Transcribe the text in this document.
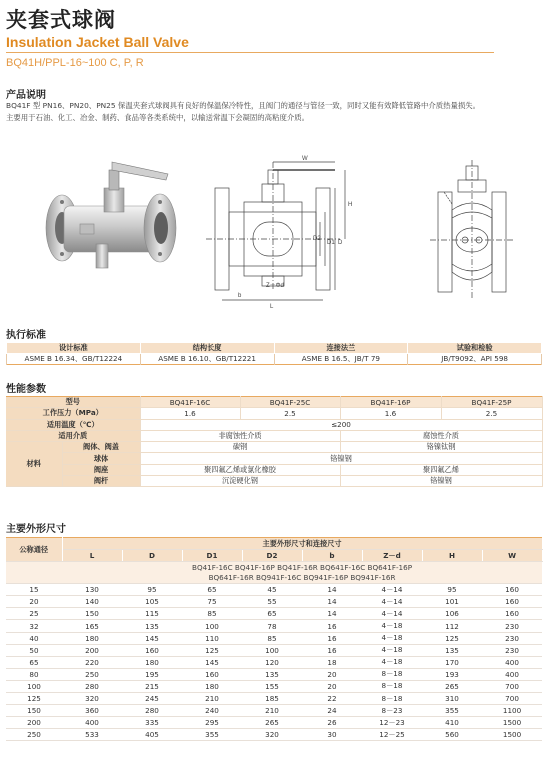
夹套式球阀
Insulation Jacket Ball Valve
BQ41H/PPL-16~100 C, P, R
产品说明
BQ41F 型 PN16、PN20、PN25 保温夹套式球阀具有良好的保温保冷特性，且阀门的通径与管径一致，同时又能有效降低管路中介质热量损失。
主要用于石油、化工、冶金、制药、食品等各类系统中，以输送常温下会凝固的高粘度介质。
W
H
D
D1
D2
Z－Φd
L
b
执行标准
设计标准	结构长度	连接法兰	试验和检验
ASME B 16.34、GB/T12224	ASME B 16.10、GB/T12221	ASME B 16.5、JB/T 79	JB/T9092、API 598
性能参数
型号		BQ41F-16C	BQ41F-25C	BQ41F-16P	BQ41F-25P
工作压力（MPa）		1.6	2.5	1.6	2.5
适用温度（℃）		≤200			
适用介质		非腐蚀性介质		腐蚀性介质	
材料	阀体、阀盖	碳钢		铬镍钛钢	
	球体	铬镍钢			
	阀座	聚四氟乙烯或氯化橡胶		聚四氟乙烯	
	阀杆	沉淀硬化钢		铬镍钢	
主要外形尺寸
公称通径	主要外形尺寸和连接尺寸							
	L	D	D1	D2	b	Z－d	H	W

	BQ41F-16C BQ41F-16P BQ41F-16R BQ641F-16C BQ641F-16P
BQ641F-16R BQ941F-16C BQ941F-16P BQ941F-16R							

15	130	95	65	45	14	4－14	95	160
20	140	105	75	55	14	4－14	101	160
25	150	115	85	65	14	4－14	106	160
32	165	135	100	78	16	4－18	112	230
40	180	145	110	85	16	4－18	125	230
50	200	160	125	100	16	4－18	135	230
65	220	180	145	120	18	4－18	170	400
80	250	195	160	135	20	8－18	193	400
100	280	215	180	155	20	8－18	265	700
125	320	245	210	185	22	8－18	310	700
150	360	280	240	210	24	8－23	355	1100
200	400	335	295	265	26	12－23	410	1500
250	533	405	355	320	30	12－25	560	1500
